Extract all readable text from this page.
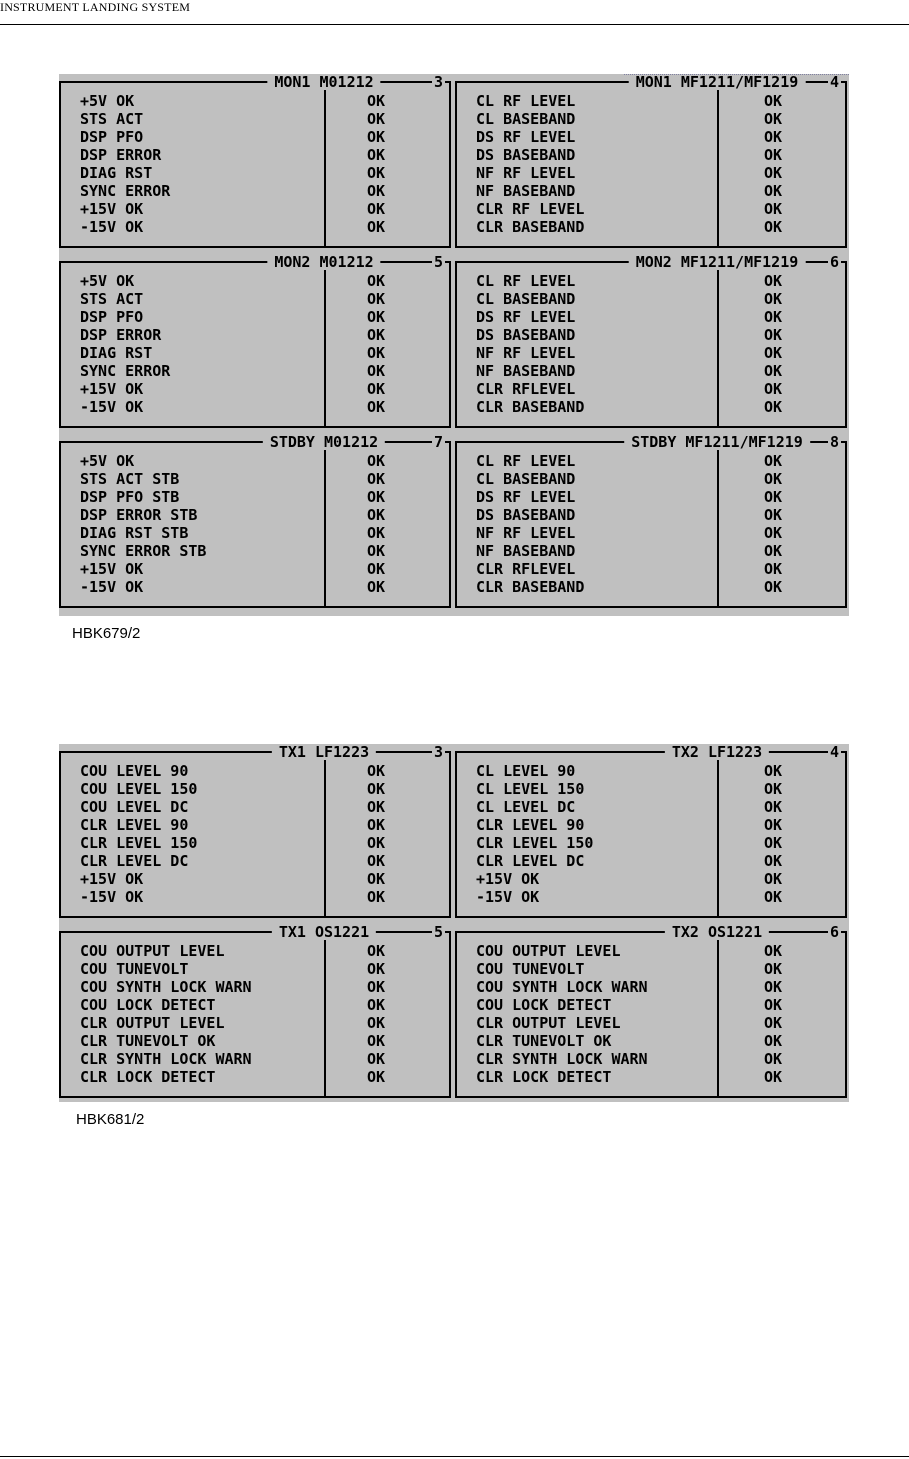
INSTRUMENT LANDING SYSTEM
MON1 M01212	3
+5V OK	OK
STS ACT	OK
DSP PFO	OK
DSP ERROR	OK
DIAG RST	OK
SYNC ERROR	OK
+15V OK	OK
-15V OK	OK
MON1 MF1211/MF1219	4
CL RF LEVEL	OK
CL BASEBAND	OK
DS RF LEVEL	OK
DS BASEBAND	OK
NF RF LEVEL	OK
NF BASEBAND	OK
CLR RF LEVEL	OK
CLR BASEBAND	OK
MON2 M01212	5
+5V OK	OK
STS ACT	OK
DSP PFO	OK
DSP ERROR	OK
DIAG RST	OK
SYNC ERROR	OK
+15V OK	OK
-15V OK	OK
MON2 MF1211/MF1219	6
CL RF LEVEL	OK
CL BASEBAND	OK
DS RF LEVEL	OK
DS BASEBAND	OK
NF RF LEVEL	OK
NF BASEBAND	OK
CLR RFLEVEL	OK
CLR BASEBAND	OK
STDBY M01212	7
+5V OK	OK
STS ACT STB	OK
DSP PFO STB	OK
DSP ERROR STB	OK
DIAG RST STB	OK
SYNC ERROR STB	OK
+15V OK	OK
-15V OK	OK
STDBY MF1211/MF1219	8
CL RF LEVEL	OK
CL BASEBAND	OK
DS RF LEVEL	OK
DS BASEBAND	OK
NF RF LEVEL	OK
NF BASEBAND	OK
CLR RFLEVEL	OK
CLR BASEBAND	OK
HBK679/2
TX1 LF1223	3
COU LEVEL 90	OK
COU LEVEL 150	OK
COU LEVEL DC	OK
CLR LEVEL 90	OK
CLR LEVEL 150	OK
CLR LEVEL DC	OK
+15V OK	OK
-15V OK	OK
TX2 LF1223	4
CL LEVEL 90	OK
CL LEVEL 150	OK
CL LEVEL DC	OK
CLR LEVEL 90	OK
CLR LEVEL 150	OK
CLR LEVEL DC	OK
+15V OK	OK
-15V OK	OK
TX1 OS1221	5
COU OUTPUT LEVEL	OK
COU TUNEVOLT	OK
COU SYNTH LOCK WARN	OK
COU LOCK DETECT	OK
CLR OUTPUT LEVEL	OK
CLR TUNEVOLT OK	OK
CLR SYNTH LOCK WARN	OK
CLR LOCK DETECT	OK
TX2 OS1221	6
COU OUTPUT LEVEL	OK
COU TUNEVOLT	OK
COU SYNTH LOCK WARN	OK
COU LOCK DETECT	OK
CLR OUTPUT LEVEL	OK
CLR TUNEVOLT OK	OK
CLR SYNTH LOCK WARN	OK
CLR LOCK DETECT	OK
HBK681/2
